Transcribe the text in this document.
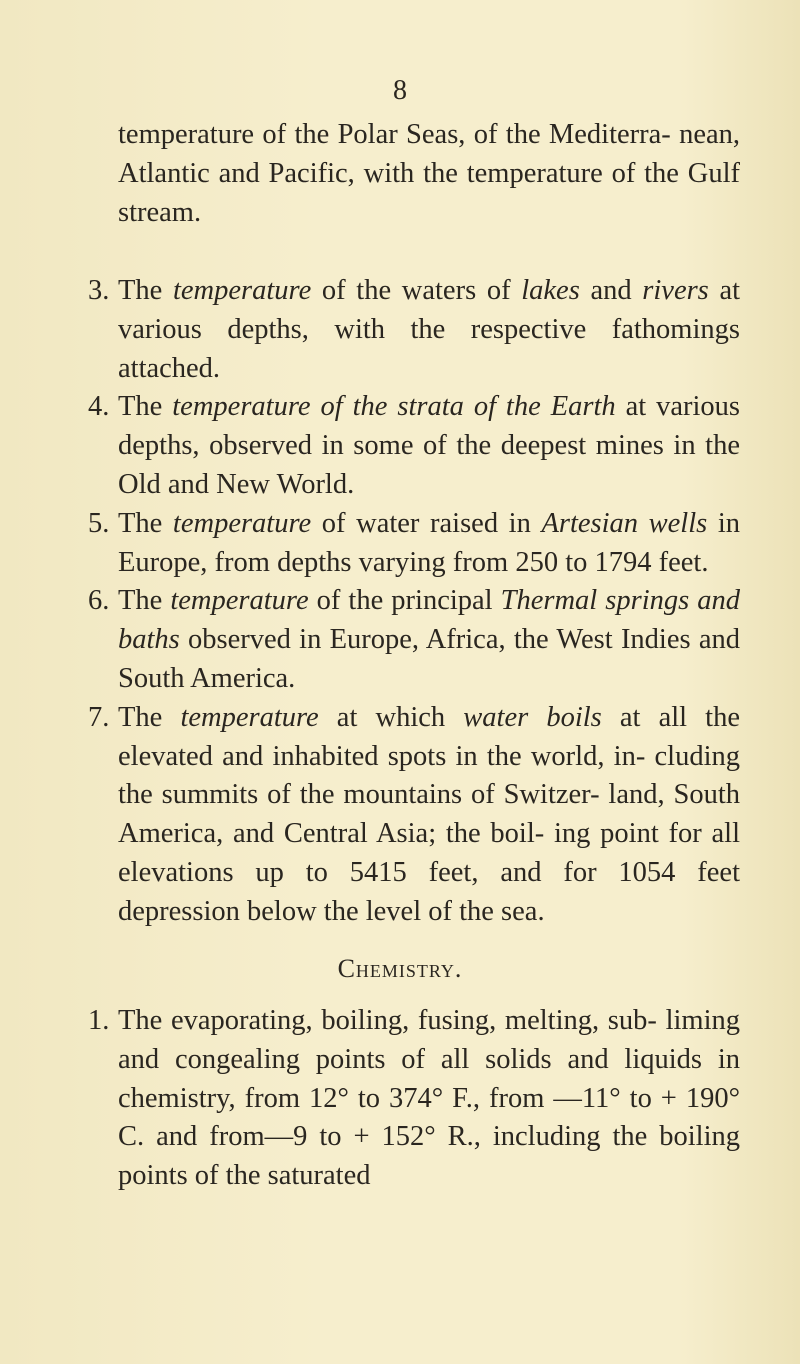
8

temperature of the Polar Seas, of the Mediterra- nean, Atlantic and Pacific, with the temperature of the Gulf stream.

3. The temperature of the waters of lakes and rivers at various depths, with the respective fathomings attached.
4. The temperature of the strata of the Earth at various depths, observed in some of the deepest mines in the Old and New World.
5. The temperature of water raised in Artesian wells in Europe, from depths varying from 250 to 1794 feet.
6. The temperature of the principal Thermal springs and baths observed in Europe, Africa, the West Indies and South America.
7. The temperature at which water boils at all the elevated and inhabited spots in the world, in- cluding the summits of the mountains of Switzer- land, South America, and Central Asia; the boil- ing point for all elevations up to 5415 feet, and for 1054 feet depression below the level of the sea.
Chemistry.
1. The evaporating, boiling, fusing, melting, sub- liming and congealing points of all solids and liquids in chemistry, from 12° to 374° F., from —11° to + 190° C. and from—9 to + 152° R., including the boiling points of the saturated
